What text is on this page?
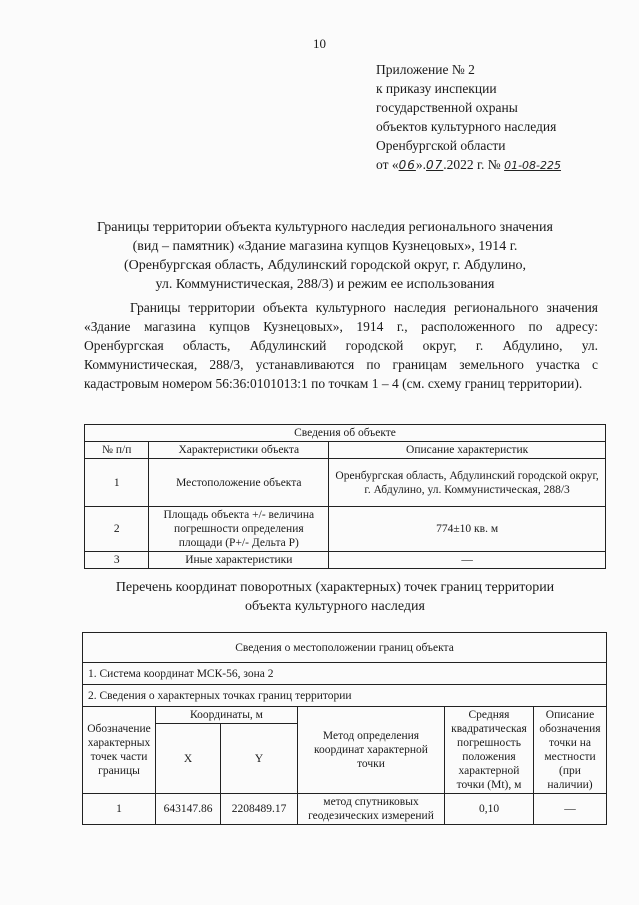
10
Приложение № 2
к приказу инспекции
государственной охраны
объектов культурного наследия
Оренбургской области
от «06».07.2022 г. № 01-08-225
Границы территории объекта культурного наследия регионального значения
(вид – памятник) «Здание магазина купцов Кузнецовых», 1914 г.
(Оренбургская область, Абдулинский городской округ, г. Абдулино,
ул. Коммунистическая, 288/3) и режим ее использования
Границы территории объекта культурного наследия регионального значения «Здание магазина купцов Кузнецовых», 1914 г., расположенного по адресу: Оренбургская область, Абдулинский городской округ, г. Абдулино, ул. Коммунистическая, 288/3, устанавливаются по границам земельного участка с кадастровым номером 56:36:0101013:1 по точкам 1 – 4 (см. схему границ территории).
Сведения об объекте		
№ п/п	Характеристики объекта	Описание характеристик
1	Местоположение объекта	Оренбургская область, Абдулинский городской округ, г. Абдулино, ул. Коммунистическая, 288/3
2	Площадь объекта +/- величина погрешности определения площади (P+/- Дельта P)	774±10 кв. м
3	Иные характеристики	—
Перечень координат поворотных (характерных) точек границ территории
объекта культурного наследия
Сведения о местоположении границ объекта					
1. Система координат МСК-56, зона 2					
2. Сведения о характерных точках границ территории					
Обозначение характерных точек части границы	Координаты, м		Метод определения координат характерной точки	Средняя квадратическая погрешность положения характерной точки (Mt), м	Описание обозначения точки на местности (при наличии)
	X	Y			
1	643147.86	2208489.17	метод спутниковых геодезических измерений	0,10	—
